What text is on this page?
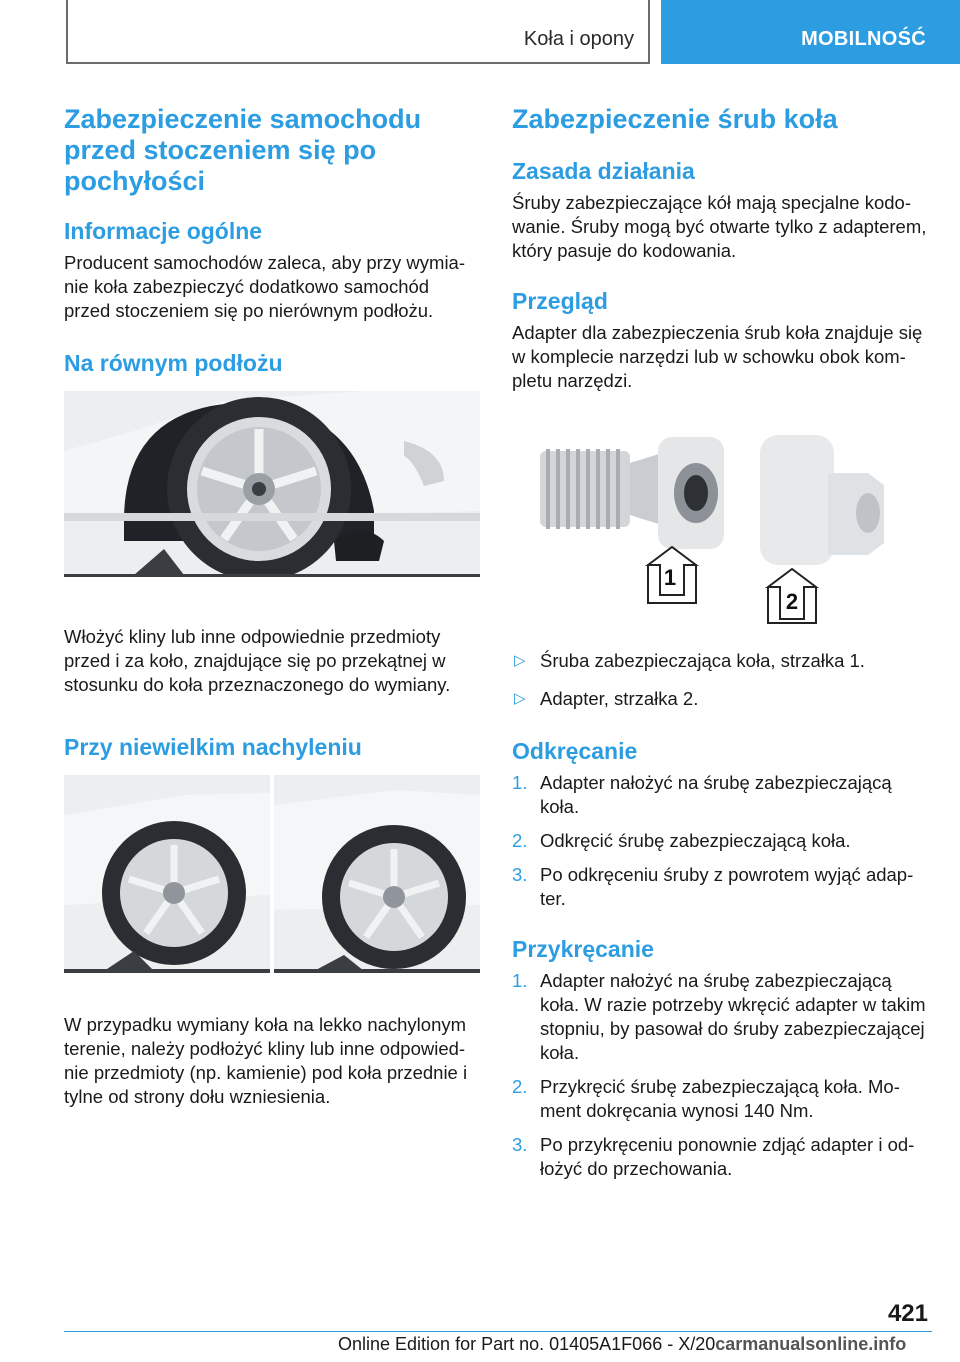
Koła i opony	MOBILNOŚĆ
Zabezpieczenie samochodu przed stoczeniem się po pochyłości
Informacje ogólne

Producent samochodów zaleca, aby przy wymianie koła zabezpieczyć dodatkowo samochód przed stoczeniem się po nierównym podłożu.

Na równym podłożu

Włożyć kliny lub inne odpowiednie przedmioty przed i za koło, znajdujące się po przekątnej w stosunku do koła przeznaczonego do wymiany.

Przy niewielkim nachyleniu

W przypadku wymiany koła na lekko nachylonym terenie, należy podłożyć kliny lub inne odpowiednie przedmioty (np. kamienie) pod koła przednie i tylne od strony dołu wzniesienia.

Zabezpieczenie śrub koła
Zasada działania

Śruby zabezpieczające kół mają specjalne kodowanie. Śruby mogą być otwarte tylko z adapterem, który pasuje do kodowania.

Przegląd

Adapter dla zabezpieczenia śrub koła znajduje się w komplecie narzędzi lub w schowku obok kompletu narzędzi.

1
2
▷ Śruba zabezpieczająca koła, strzałka 1.
▷ Adapter, strzałka 2.
Odkręcanie
1. Adapter nałożyć na śrubę zabezpieczającą koła.
2. Odkręcić śrubę zabezpieczającą koła.
3. Po odkręceniu śruby z powrotem wyjąć adapter.
Przykręcanie
1. Adapter nałożyć na śrubę zabezpieczającą koła. W razie potrzeby wkręcić adapter w takim stopniu, by pasował do śruby zabezpieczającej koła.
2. Przykręcić śrubę zabezpieczającą koła. Moment dokręcania wynosi 140 Nm.
3. Po przykręceniu ponownie zdjąć adapter i odłożyć do przechowania.
421
Online Edition for Part no. 01405A1F066 - X/20carmanualsonline.info
